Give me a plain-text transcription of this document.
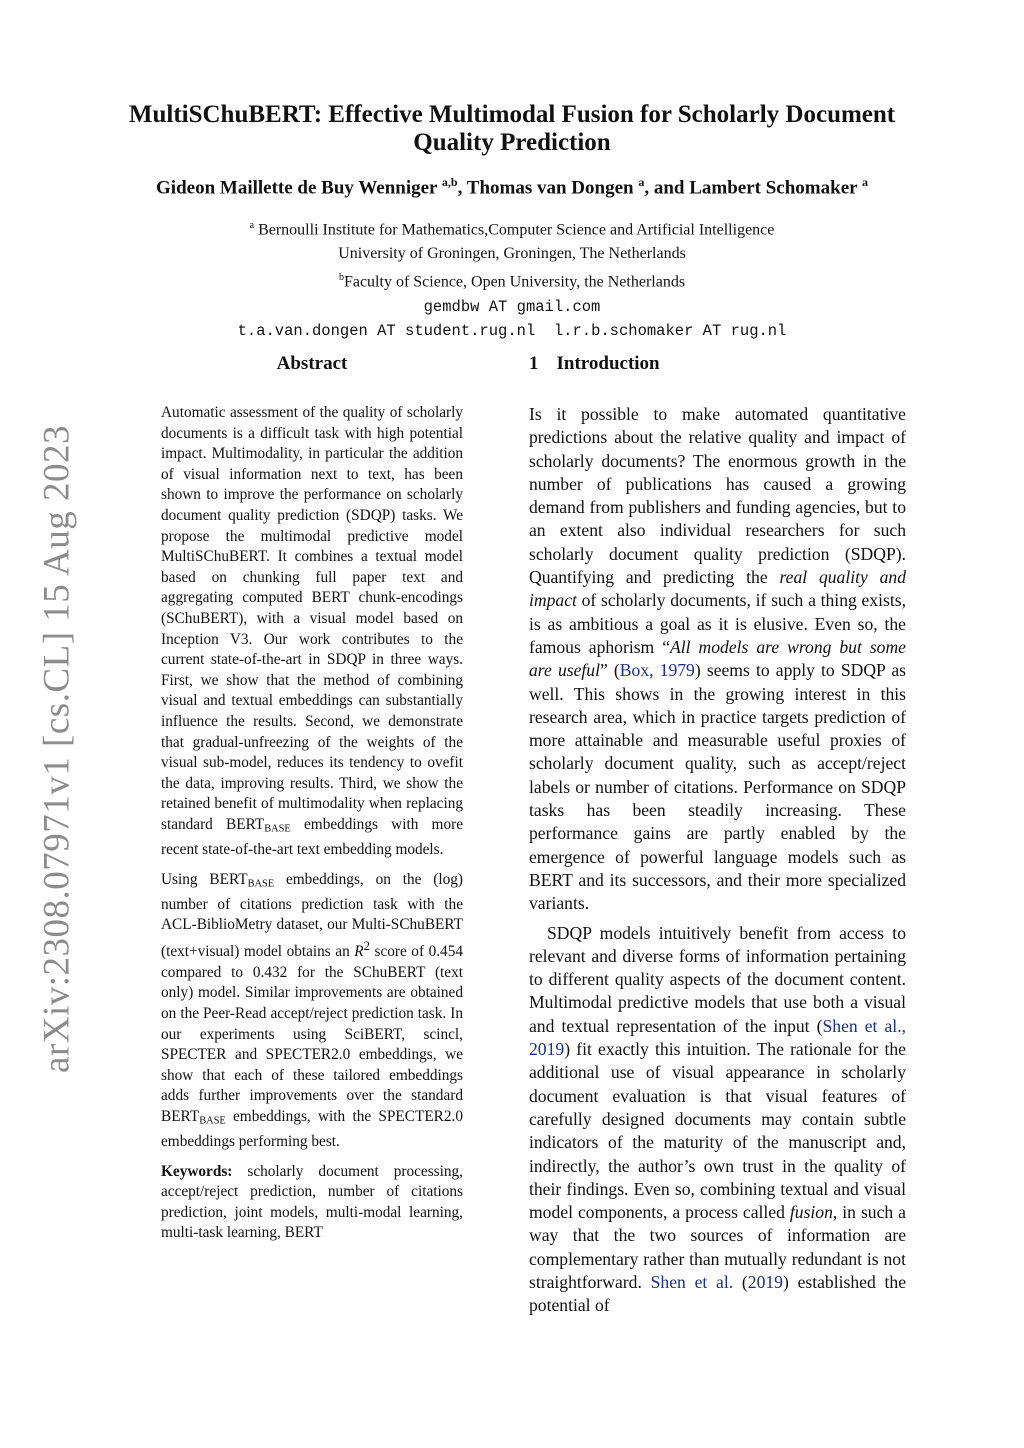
arXiv:2308.07971v1 [cs.CL] 15 Aug 2023
MultiSChuBERT: Effective Multimodal Fusion for Scholarly Document
Quality Prediction
Gideon Maillette de Buy Wenniger $^{a,b}$, Thomas van Dongen $^a$, and Lambert Schomaker $^a$
$^a$ Bernoulli Institute for Mathematics,Computer Science and Artificial Intelligence
University of Groningen, Groningen, The Netherlands
$^b$Faculty of Science, Open University, the Netherlands
gemdbw AT gmail.com
t.a.van.dongen AT student.rug.nl l.r.b.schomaker AT rug.nl
Abstract

Automatic assessment of the quality of scholarly documents is a difficult task with high potential impact. Multimodality, in particular the addition of visual information next to text, has been shown to improve the performance on scholarly document quality prediction (SDQP) tasks. We propose the multimodal predictive model MultiSChuBERT. It combines a textual model based on chunking full paper text and aggregating computed BERT chunk-encodings (SChuBERT), with a visual model based on Inception V3. Our work contributes to the current state-of-the-art in SDQP in three ways. First, we show that the method of combining visual and textual embeddings can substantially influence the results. Second, we demonstrate that gradual-unfreezing of the weights of the visual sub-model, reduces its tendency to ovefit the data, improving results. Third, we show the retained benefit of multimodality when replacing standard $BERT_{BASE}$ embeddings with more recent state-of-the-art text embedding models.

Using $BERT_{BASE}$ embeddings, on the (log) number of citations prediction task with the ACL-BiblioMetry dataset, our Multi-SChuBERT (text+visual) model obtains an $R^2$ score of 0.454 compared to 0.432 for the SChuBERT (text only) model. Similar improvements are obtained on the Peer-Read accept/reject prediction task. In our experiments using SciBERT, scincl, SPECTER and SPECTER2.0 embeddings, we show that each of these tailored embeddings adds further improvements over the standard $BERT_{BASE}$ embeddings, with the SPECTER2.0 embeddings performing best.

Keywords: scholarly document processing, accept/reject prediction, number of citations prediction, joint models, multi-modal learning, multi-task learning, BERT

1 Introduction

Is it possible to make automated quantitative predictions about the relative quality and impact of scholarly documents? The enormous growth in the number of publications has caused a growing demand from publishers and funding agencies, but to an extent also individual researchers for such scholarly document quality prediction (SDQP). Quantifying and predicting the real quality and impact of scholarly documents, if such a thing exists, is as ambitious a goal as it is elusive. Even so, the famous aphorism “All models are wrong but some are useful” (Box, 1979) seems to apply to SDQP as well. This shows in the growing interest in this research area, which in practice targets prediction of more attainable and measurable useful proxies of scholarly document quality, such as accept/reject labels or number of citations. Performance on SDQP tasks has been steadily increasing. These performance gains are partly enabled by the emergence of powerful language models such as BERT and its successors, and their more specialized variants.

SDQP models intuitively benefit from access to relevant and diverse forms of information pertaining to different quality aspects of the document content. Multimodal predictive models that use both a visual and textual representation of the input (Shen et al., 2019) fit exactly this intuition. The rationale for the additional use of visual appearance in scholarly document evaluation is that visual features of carefully designed documents may contain subtle indicators of the maturity of the manuscript and, indirectly, the author’s own trust in the quality of their findings. Even so, combining textual and visual model components, a process called fusion, in such a way that the two sources of information are complementary rather than mutually redundant is not straightforward. Shen et al. (2019) established the potential of
